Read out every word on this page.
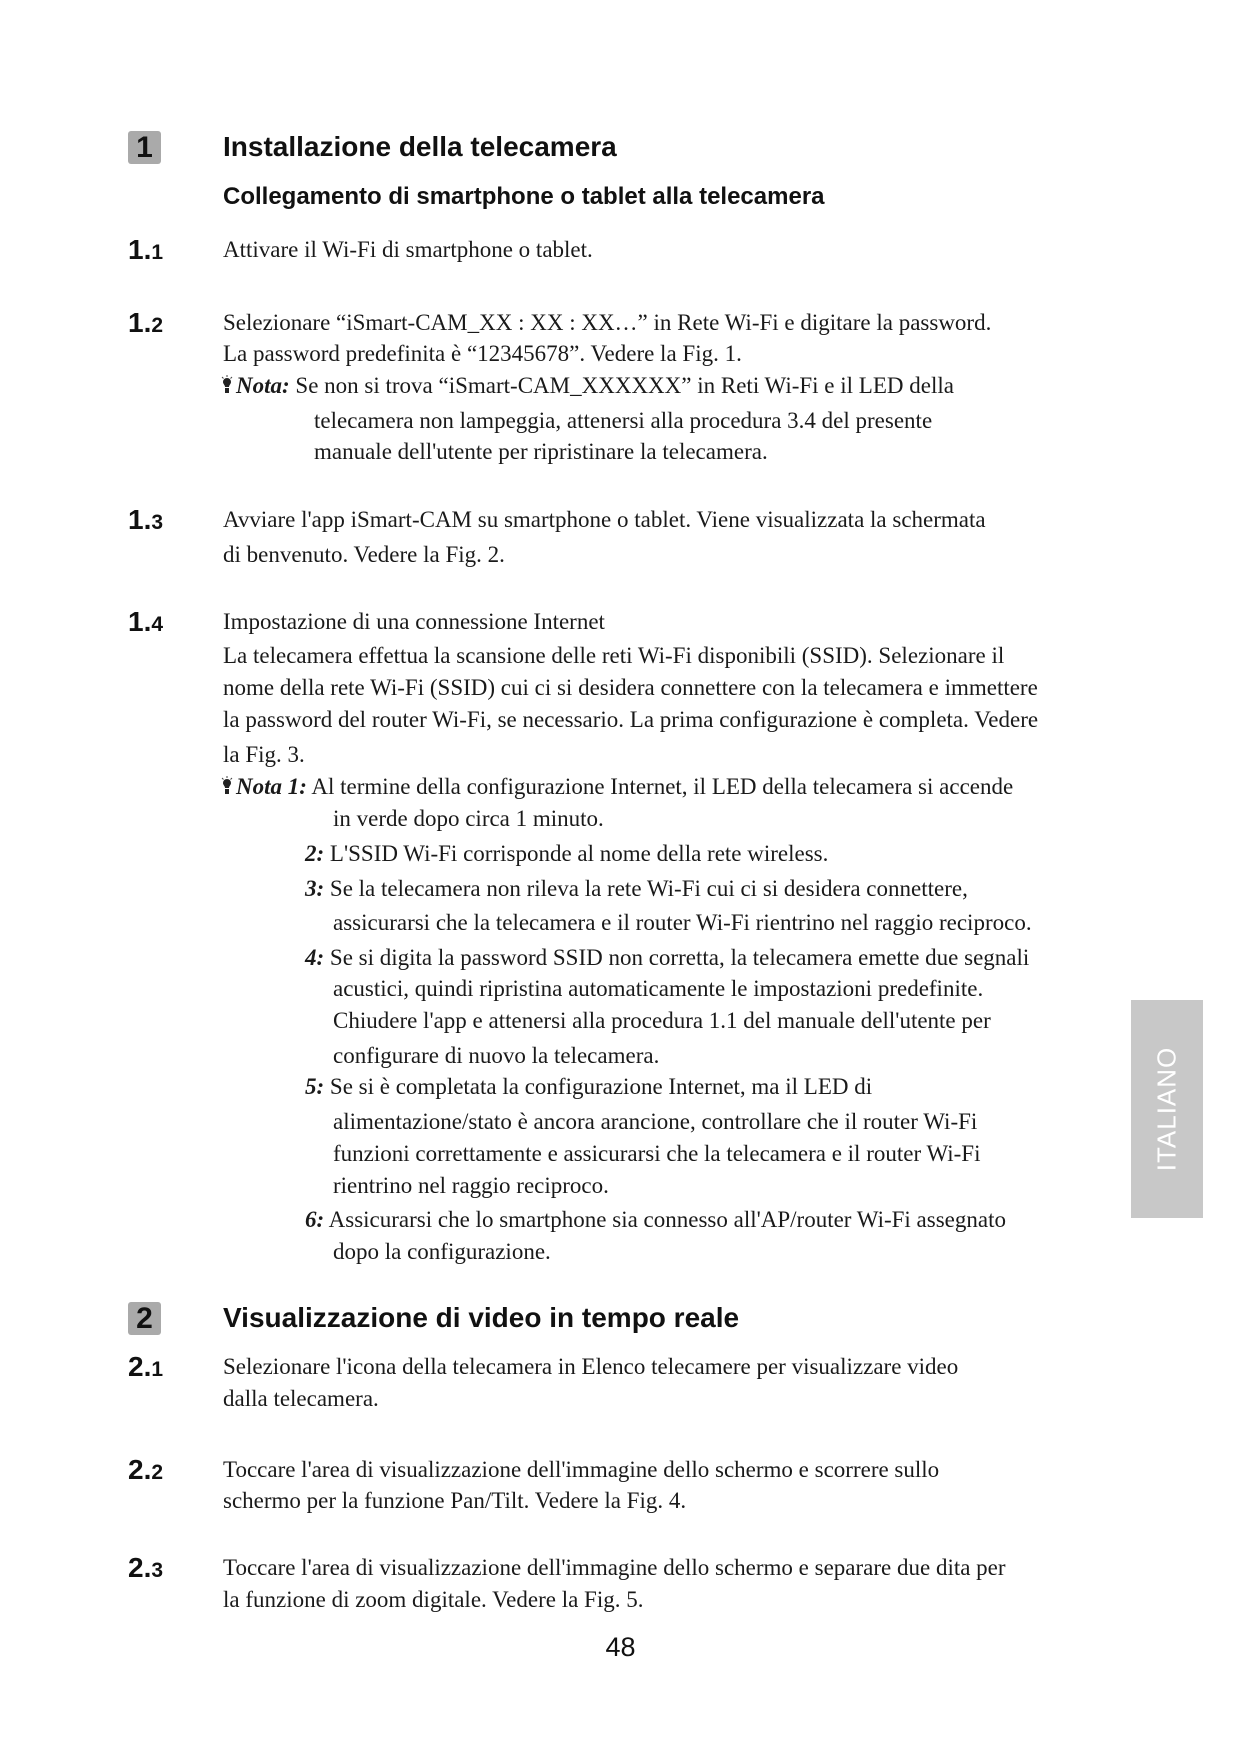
1	Installazione della telecamera
Collegamento di smartphone o tablet alla telecamera
2	Visualizzazione di video in tempo reale
1.1	Attivare il Wi-Fi di smartphone o tablet.
1.2	Selezionare “iSmart-CAM_XX : XX : XX…” in Rete Wi-Fi e digitare la password.
La password predefinita è “12345678”. Vedere la Fig. 1.
Nota: Se non si trova “iSmart-CAM_XXXXXX” in Reti Wi-Fi e il LED della
telecamera non lampeggia, attenersi alla procedura 3.4 del presente
manuale dell'utente per ripristinare la telecamera.
1.3	Avviare l'app iSmart-CAM su smartphone o tablet. Viene visualizzata la schermata
di benvenuto. Vedere la Fig. 2.
1.4	Impostazione di una connessione Internet
La telecamera effettua la scansione delle reti Wi-Fi disponibili (SSID). Selezionare il
nome della rete Wi-Fi (SSID) cui ci si desidera connettere con la telecamera e immettere
la password del router Wi-Fi, se necessario. La prima configurazione è completa. Vedere
la Fig. 3.
Nota 1: Al termine della configurazione Internet, il LED della telecamera si accende
in verde dopo circa 1 minuto.
2: L'SSID Wi-Fi corrisponde al nome della rete wireless.
3: Se la telecamera non rileva la rete Wi-Fi cui ci si desidera connettere,
assicurarsi che la telecamera e il router Wi-Fi rientrino nel raggio reciproco.
4: Se si digita la password SSID non corretta, la telecamera emette due segnali
acustici, quindi ripristina automaticamente le impostazioni predefinite.
Chiudere l'app e attenersi alla procedura 1.1 del manuale dell'utente per
configurare di nuovo la telecamera.
5: Se si è completata la configurazione Internet, ma il LED di
alimentazione/stato è ancora arancione, controllare che il router Wi-Fi
funzioni correttamente e assicurarsi che la telecamera e il router Wi-Fi
rientrino nel raggio reciproco.
6: Assicurarsi che lo smartphone sia connesso all'AP/router Wi-Fi assegnato
dopo la configurazione.
2.1	Selezionare l'icona della telecamera in Elenco telecamere per visualizzare video
dalla telecamera.
2.2	Toccare l'area di visualizzazione dell'immagine dello schermo e scorrere sullo
schermo per la funzione Pan/Tilt. Vedere la Fig. 4.
2.3	Toccare l'area di visualizzazione dell'immagine dello schermo e separare due dita per
la funzione di zoom digitale. Vedere la Fig. 5.
ITALIANO
48
